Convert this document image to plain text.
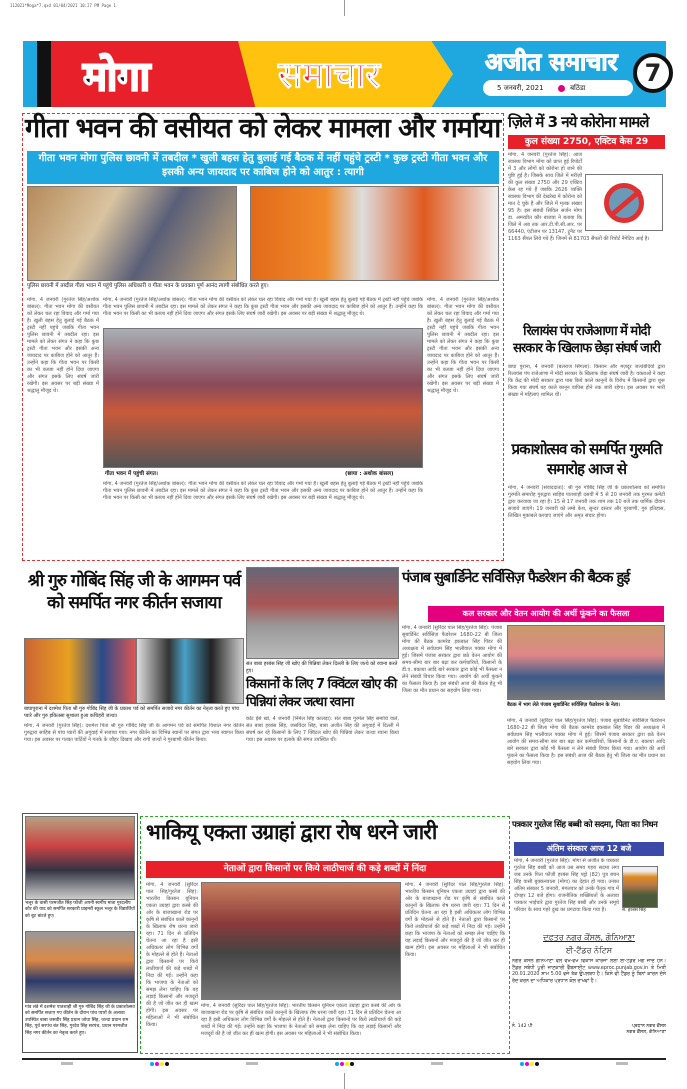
112021*Moga*7.qxd 01/04/2021 10:27 PM Page 1
मोगा	समाचार	अजीत समाचार
5 जनवरी, 2021	बठिंडा
7
गीता भवन की वसीयत को लेकर मामला और गर्माया
गीता भवन मोगा पुलिस छावनी में तबदील * खुली बहस हेतु बुलाई गई बैठक में नहीं पहुंचे ट्रस्टी * कुछ ट्रस्टी गीता भवन और इसकी अन्य जायदाद पर काबिज होने को आतुर : त्यागी
पुलिस छावनी में तब्दील गीता भवन में पहुंचे पुलिस अधिकारी व गीता भवन के प्रवक्ता पूर्ण आनंद त्यागी संबोधित करते हुए।
मोगा, 4 जनवरी (गुरतेज सिंह/अशोक बांसल): गीता भवन मोगा की वसीयत को लेकर चल रहा विवाद और गर्मा गया है। खुली बहस हेतु बुलाई गई बैठक में ट्रस्टी नहीं पहुंचे जबकि गीता भवन पुलिस छावनी में तबदील रहा। इस मामले को लेकर संगत ने कहा कि कुछ ट्रस्टी गीता भवन और इसकी अन्य जायदाद पर काबिज होने को आतुर हैं। उन्होंने कहा कि गीता भवन पर किसी का भी कब्जा नहीं होने दिया जाएगा और संगत इसके लिए संघर्ष जारी रखेगी। इस अवसर पर बड़ी संख्या में श्रद्धालु मौजूद थे।
मोगा, 4 जनवरी (गुरतेज सिंह/अशोक बांसल): गीता भवन मोगा की वसीयत को लेकर चल रहा विवाद और गर्मा गया है। खुली बहस हेतु बुलाई गई बैठक में ट्रस्टी नहीं पहुंचे जबकि गीता भवन पुलिस छावनी में तबदील रहा। इस मामले को लेकर संगत ने कहा कि कुछ ट्रस्टी गीता भवन और इसकी अन्य जायदाद पर काबिज होने को आतुर हैं। उन्होंने कहा कि गीता भवन पर किसी का भी कब्जा नहीं होने दिया जाएगा और संगत इसके लिए संघर्ष जारी रखेगी। इस अवसर पर बड़ी संख्या में श्रद्धालु मौजूद थे।
गीता भवन में पहुंची संगत।	(छाया : अशोक बांसल)
मोगा, 4 जनवरी (गुरतेज सिंह/अशोक बांसल): गीता भवन मोगा की वसीयत को लेकर चल रहा विवाद और गर्मा गया है। खुली बहस हेतु बुलाई गई बैठक में ट्रस्टी नहीं पहुंचे जबकि गीता भवन पुलिस छावनी में तबदील रहा। इस मामले को लेकर संगत ने कहा कि कुछ ट्रस्टी गीता भवन और इसकी अन्य जायदाद पर काबिज होने को आतुर हैं। उन्होंने कहा कि गीता भवन पर किसी का भी कब्जा नहीं होने दिया जाएगा और संगत इसके लिए संघर्ष जारी रखेगी। इस अवसर पर बड़ी संख्या में श्रद्धालु मौजूद थे।
मोगा, 4 जनवरी (गुरतेज सिंह/अशोक बांसल): गीता भवन मोगा की वसीयत को लेकर चल रहा विवाद और गर्मा गया है। खुली बहस हेतु बुलाई गई बैठक में ट्रस्टी नहीं पहुंचे जबकि गीता भवन पुलिस छावनी में तबदील रहा। इस मामले को लेकर संगत ने कहा कि कुछ ट्रस्टी गीता भवन और इसकी अन्य जायदाद पर काबिज होने को आतुर हैं। उन्होंने कहा कि गीता भवन पर किसी का भी कब्जा नहीं होने दिया जाएगा और संगत इसके लिए संघर्ष जारी रखेगी। इस अवसर पर बड़ी संख्या में श्रद्धालु मौजूद थे।
ज़िले में 3 नये कोरोना मामले
कुल संख्या 2750, एक्टिव केस 29
मोगा, 4 जनवरी (गुरतेज सिंह): आज स्वास्थ्य विभाग मोगा को प्राप्त हुई रिपोर्टों में 3 और लोगों को कोरोना हो जाने की पुष्टि हुई है। जिसके साथ जिले में मरीज़ों की कुल संख्या 2750 और 29 एक्टिव केस रह गये हैं जबकि 2626 व्यक्ति स्वास्थ्य विभाग की देखरेख में कोरोना को मात दे चुके हैं और जिले में मृतक संख्या 95 है। इस संबंधी सिविल सर्जन मोगा डा. अमरप्रीत कौर बाजवा ने बताया कि जिले में अब तक आर.टी.पी.सी.आर. पर 66440, एंटीजन पर 13147, ट्रूनैट पर 1163 सैंपल लिये गये हैं। जिनमें से 81703 सैंपलों की रिपोर्ट नैगेटिव आई है।
रिलायंस पंप राजेआणा में मोदी सरकार के खिलाफ छेड़ा संघर्ष जारी
बाघा पुराना, 4 जनवरी (बलराज सिंगला): किसान और मज़दूर जत्थेबंदियों द्वारा रिलायंस पंप राजेआणा में मोदी सरकार के खिलाफ छेड़ा संघर्ष जारी है। वक्ताओं ने कहा कि केंद्र की मोदी सरकार द्वारा पास किये काले कानूनों के विरोध में किसानों द्वारा शुरू किया गया संघर्ष यह काले कानून वापिस होने तक जारी रहेगा। इस अवसर पर भारी संख्या में महिलाएं शामिल थीं।
प्रकाशोत्सव को समर्पित गुरमति समारोह आज से
मोगा, 4 जनवरी (संवाददाता): श्री गुरु गोबिंद सिंह जी के प्रकाशोत्सव को समर्पित गुरमति समारोह गुरुद्वारा साहिब पातशाही दसवीं में 5 से 20 जनवरी तक गुरमत कमेटी द्वारा करवाया जा रहा है। 15 से 17 जनवरी तक शाम तक 10 बजे तक धार्मिक दीवान सजाये जाएंगे। 19 जनवरी को लम्बे केश, सुन्दर दस्तार और गुरबाणी, गुरु इतिहास, लिखित मुकाबले करवाए जाएंगे और अमृत संचार होगा।
श्री गुरु गोबिंद सिंह जी के आगमन पर्व को समर्पित नगर कीर्तन सजाया
बाघापुराना में दशमेश पिता श्री गुरु गोबिंद सिंह जी के प्रकाश पर्व को समर्पित सजाये नगर कीर्तन का नेतृत्व करते हुए पांच प्यारे और गुरु इकितसा सुशाला हुआ कचिहरी जत्था।
मोगा, 4 जनवरी (गुरतेज सिंह): दशमेश पिता श्री गुरु गोबिंद सिंह जी के आगमन पर्व को समर्पित विशाल नगर कीर्तन गुरुद्वारा साहिब से पांच प्यारों की अगुवाई में सजाया गया। नगर कीर्तन का विभिन्न स्थानों पर संगत द्वारा भव्य स्वागत किया गया। इस अवसर पर गतका पार्टियों ने गतके के जौहर दिखाए और रागी जत्थों ने गुरबाणी कीर्तन किया।
संत बाबा हरबंस सिंह जी खोए की पिन्नियां लेकर दिल्ली के लिए जत्थे को रवाना करते हुए।
किसानों के लिए 7 क्विंटल खोए की पिन्नियां लेकर जत्था रवाना
कोट ईसे खां, 4 जनवरी (निर्मल सिंह कालड़ा): संत बाबा गुरमेल सिंह समाधि वाले, संत बाबा हरबंस सिंह, जसविंदर सिंह, बाबा अजीत सिंह की अगुवाई में दिल्ली में संघर्ष कर रहे किसानों के लिए 7 क्विंटल खोए की पिन्नियां लेकर जत्था रवाना किया गया। इस अवसर पर इलाके की संगत उपस्थित थी।
पंजाब सुबार्डिनेट सर्विसिज़ फैडरेशन की बैठक हुई
कल सरकार और वेतन आयोग की अर्थी फूंकने का फैसला
मोगा, 4 जनवरी (सुरिंदर पाल सिंह/गुरतेज सिंह): पंजाब सुबार्डिनेट सर्विसिज़ फैडरेशन 1680-22 बी जिला मोगा की बैठक कामरेड इकबाल सिंह पिंडर की अध्यक्षता में सर्वप्रथम सिंह भालीवाल पक्का मोगा में हुई। जिसमें पंजाब सरकार द्वारा छठे वेतन आयोग की समय-सीमा बार बार बढ़ा कर कर्मचारियों, किसानों के डी.ए. बकाया आदि बारे सरकार द्वारा कोई भी फैसला न लेने संबंधी विचार किया गया। आयोग की अर्थी फूंकने का फैसला किया है। इस संबंधी आज की बैठक हेतु भी जिला का मीत प्रधान का सहयोग लिया गया।
बैठक में भाग लेते पंजाब सुबार्डिनेट सर्विसिज़ फैडरेशन के नेता।
मोगा, 4 जनवरी (सुरिंदर पाल सिंह/गुरतेज सिंह): पंजाब सुबार्डिनेट सर्विसिज़ फैडरेशन 1680-22 बी जिला मोगा की बैठक कामरेड इकबाल सिंह पिंडर की अध्यक्षता में सर्वप्रथम सिंह भालीवाल पक्का मोगा में हुई। जिसमें पंजाब सरकार द्वारा छठे वेतन आयोग की समय-सीमा बार बार बढ़ा कर कर्मचारियों, किसानों के डी.ए. बकाया आदि बारे सरकार द्वारा कोई भी फैसला न लेने संबंधी विचार किया गया। आयोग की अर्थी फूंकने का फैसला किया है। इस संबंधी आज की बैठक हेतु भी जिला का मीत प्रधान का सहयोग लिया गया।
भलूर के वासी परमजीत सिंह फौजी अपनी स्वर्गीय माता गुरदलीप कौर की याद को समर्पित सरकारी प्राइमरी स्कूल भलूर के विद्यार्थियों को बूट बांटते हुए।
गांव लंडे में दशमेश पातशाही श्री गुरु गोबिंद सिंह जी के प्रकाशोत्सव को समर्पित सजाए गए कीर्तन के दौरान पांच प्यारों के अलावा उपस्थित बाबा जसवीर सिंह प्रधान जोधा सिंह, जत्था प्रधान राम सिंह, पूर्व सरपंच बंत सिंह, गुरदेव सिंह सरपंच, प्रधान परमजीत सिंह नगर कीर्तन का नेतृत्व करते हुए।
भाकियू एकता उग्राहां द्वारा रोष धरने जारी
नेताओं द्वारा किसानों पर किये लाठीचार्ज की कड़े शब्दों में निंदा
मोगा, 4 जनवरी (सुरिंदर पाल सिंह/गुरतेज सिंह): भारतीय किसान यूनियन एकता उग्राहां द्वारा कस्बे की ओर के बाजाखाना रोड पर कृषि से संबंधित काले कानूनों के खिलाफ रोष धरना जारी रहा। 71 दिन से प्रतिदिन चेतना आ रहा है इसी अधिकतर लोग विभिन्न वर्गों के मोहल्ले से होते हैं। नेताओं द्वारा किसानों पर किये लाठीचार्ज की कड़े शब्दों में निंदा की गई। उन्होंने कहा कि भाजपा के नेताओं को समझ लेना चाहिए कि यह लड़ाई किसानों और मजदूरों की है जो जीत कर ही खत्म होगी। इस अवसर पर महिलाओं ने भी संबोधित किया।
मोगा, 4 जनवरी (सुरिंदर पाल सिंह/गुरतेज सिंह): भारतीय किसान यूनियन एकता उग्राहां द्वारा कस्बे की ओर के बाजाखाना रोड पर कृषि से संबंधित काले कानूनों के खिलाफ रोष धरना जारी रहा। 71 दिन से प्रतिदिन चेतना आ रहा है इसी अधिकतर लोग विभिन्न वर्गों के मोहल्ले से होते हैं। नेताओं द्वारा किसानों पर किये लाठीचार्ज की कड़े शब्दों में निंदा की गई। उन्होंने कहा कि भाजपा के नेताओं को समझ लेना चाहिए कि यह लड़ाई किसानों और मजदूरों की है जो जीत कर ही खत्म होगी। इस अवसर पर महिलाओं ने भी संबोधित किया।
मोगा, 4 जनवरी (सुरिंदर पाल सिंह/गुरतेज सिंह): भारतीय किसान यूनियन एकता उग्राहां द्वारा कस्बे की ओर के बाजाखाना रोड पर कृषि से संबंधित काले कानूनों के खिलाफ रोष धरना जारी रहा। 71 दिन से प्रतिदिन चेतना आ रहा है इसी अधिकतर लोग विभिन्न वर्गों के मोहल्ले से होते हैं। नेताओं द्वारा किसानों पर किये लाठीचार्ज की कड़े शब्दों में निंदा की गई। उन्होंने कहा कि भाजपा के नेताओं को समझ लेना चाहिए कि यह लड़ाई किसानों और मजदूरों की है जो जीत कर ही खत्म होगी। इस अवसर पर महिलाओं ने भी संबोधित किया।
पत्रकार गुरतेज सिंह बब्बी को सदमा, पिता का निधन
अंतिम संस्कार आज 12 बजे
स. हरबंस सिंह
मोगा, 4 जनवरी (गुरतेज सिंह): मोगा से अजीत के पत्रकार गुरतेज सिंह बब्बी को आज उस समय गहरा सदमा लगा जब उनके पिता फौजी हरबंस सिंह पट्टो (82) पुत्र बचन सिंह वासी बुक्कनवाला (मोगा) का देहांत हो गया। उनका अंतिम संस्कार 5 जनवरी, मंगलवार को उनके पैतृक गांव में दोपहर 12 बजे होगा। राजनीतिक शख्सियतों के अलावा पत्रकार भाईचारे द्वारा गुरतेज सिंह बब्बी और उनके समूचे परिवार के साथ गहरे दुख का प्रगटावा किया गया है।
ਦਫ਼ਤਰ ਨਗਰ ਕੌਂਸਲ, ਗੋਨਿਆਣਾ
ਈ-ਟੈਂਡਰ ਨੋਟਿਸ
ਨਗਰ ਕੌਂਸਲ ਗੋਨਿਆਣਾ ਵੱਲੋਂ ਵੱਖ-ਵੱਖ ਵਿਕਾਸ ਕਾਰਜਾਂ ਲਈ ਈ-ਟੈਂਡਰ ਮੰਗੇ ਜਾਂਦੇ ਹਨ। ਟੈਂਡਰ ਸਬੰਧੀ ਪੂਰੀ ਜਾਣਕਾਰੀ ਵੈੱਬਸਾਈਟ www.eproc.punjab.gov.in ਤੇ ਮਿਤੀ 20.01.2020 ਸ਼ਾਮ 5.00 ਵਜੇ ਤੱਕ ਉਪਲਬਧ ਹੈ। ਕਿਸੇ ਵੀ ਟੈਂਡਰ ਨੂੰ ਬਿਨਾਂ ਕਾਰਨ ਦੱਸੇ ਰੱਦ ਕਰਨ ਦਾ ਅਧਿਕਾਰ ਪ੍ਰਧਾਨ ਕੋਲ ਰਾਖਵਾਂ ਹੈ।
ਨੰ. 142 ਪੀ	ਪ੍ਰਧਾਨ ਨਗਰ ਕੌਂਸਲ
ਨਗਰ ਕੌਂਸਲ, ਗੋਨਿਆਣਾ
